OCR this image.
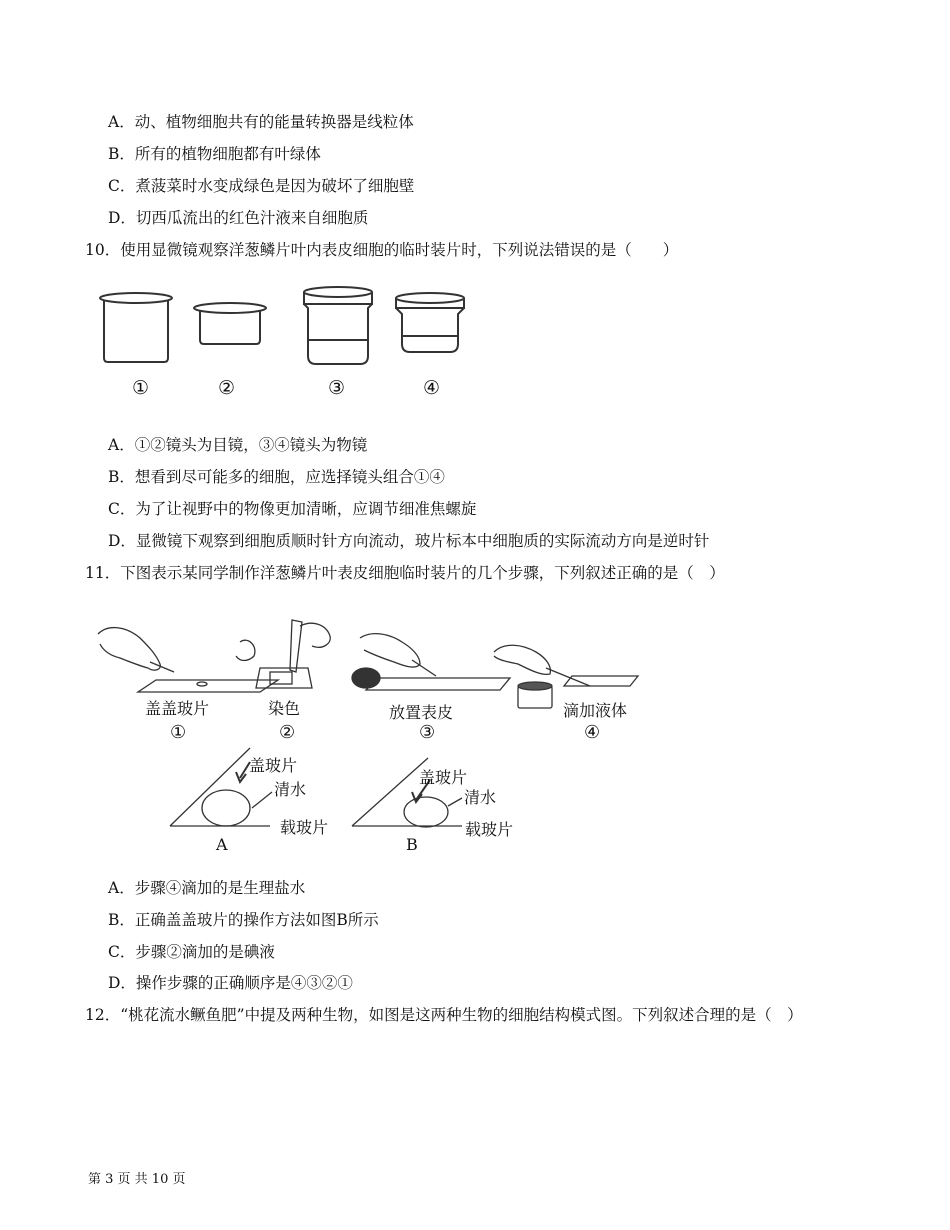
A．动、植物细胞共有的能量转换器是线粒体
B．所有的植物细胞都有叶绿体
C．煮菠菜时水变成绿色是因为破坏了细胞壁
D．切西瓜流出的红色汁液来自细胞质
10．使用显微镜观察洋葱鳞片叶内表皮细胞的临时装片时，下列说法错误的是（　　）
①	②	③	④
A．①②镜头为目镜，③④镜头为物镜
B．想看到尽可能多的细胞，应选择镜头组合①④
C．为了让视野中的物像更加清晰，应调节细准焦螺旋
D．显微镜下观察到细胞质顺时针方向流动，玻片标本中细胞质的实际流动方向是逆时针
11．下图表示某同学制作洋葱鳞片叶表皮细胞临时装片的几个步骤，下列叙述正确的是（　）
盖盖玻片	染色	放置表皮	滴加液体
①	②	③	④
盖玻片
清水
载玻片
A
盖玻片
清水
载玻片
B
A．步骤④滴加的是生理盐水
B．正确盖盖玻片的操作方法如图B所示
C．步骤②滴加的是碘液
D．操作步骤的正确顺序是④③②①
12．“桃花流水鳜鱼肥”中提及两种生物，如图是这两种生物的细胞结构模式图。下列叙述合理的是（　）
第 3 页 共 10 页
